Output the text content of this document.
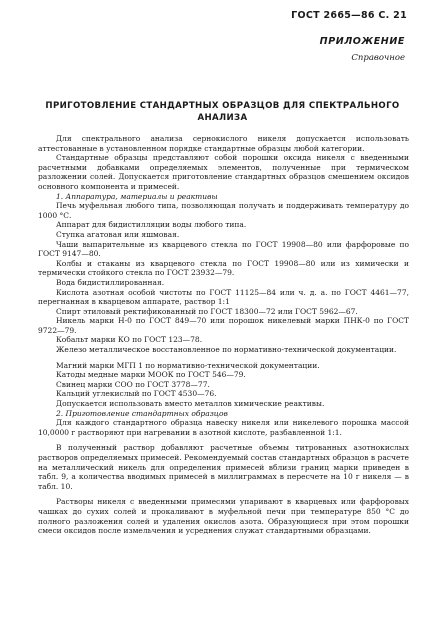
ГОСТ 2665—86 С. 21
ПРИЛОЖЕНИЕ
Справочное
ПРИГОТОВЛЕНИЕ СТАНДАРТНЫХ ОБРАЗЦОВ ДЛЯ СПЕКТРАЛЬНОГО
АНАЛИЗА

Для спектрального анализа сернокислого никеля допускается использовать аттестованные в установленном порядке стандартные образцы любой категории.

Стандартные образцы представляют собой порошки оксида никеля с введенными расчетными добавками определяемых элементов, полученные при термическом разложении солей. Допускается приготовление стандартных образцов смешением оксидов основного компонента и примесей.

1. Аппаратура, материалы и реактивы

Печь муфельная любого типа, позволяющая получать и поддерживать температуру до 1000 °С.

Аппарат для бидистилляции воды любого типа.

Ступка агатовая или яшмовая.

Чаши выпарительные из кварцевого стекла по ГОСТ 19908—80 или фарфоровые по ГОСТ 9147—80.

Колбы и стаканы из кварцевого стекла по ГОСТ 19908—80 или из химически и термически стойкого стекла по ГОСТ 23932—79.

Вода бидистиллированная.

Кислота азотная особой чистоты по ГОСТ 11125—84 или ч. д. а. по ГОСТ 4461—77, перегнанная в кварцевом аппарате, раствор 1:1

Спирт этиловый ректификованный по ГОСТ 18300—72 или ГОСТ 5962—67.

Никель марки Н-0 по ГОСТ 849—70 или порошок никелевый марки ПНК-0 по ГОСТ 9722—79.

Кобальт марки КО по ГОСТ 123—78.

Железо металлическое восстановленное по нормативно-технической документации.

Магний марки МГП 1 по нормативно-технической документации.

Катоды медные марки МООК по ГОСТ 546—79.

Свинец марки СОО по ГОСТ 3778—77.

Кальций углекислый по ГОСТ 4530—76.

Допускается использовать вместо металлов химические реактивы.

2. Приготовление стандартных образцов

Для каждого стандартного образца навеску никеля или никелевого порошка массой 10,0000 г растворяют при нагревании в азотной кислоте, разбавленной 1:1.

В полученный раствор добавляют расчетные объемы титрованных азотнокислых растворов определяемых примесей. Рекомендуемый состав стандартных образцов в расчете на металлический никель для определения примесей вблизи границ марки приведен в табл. 9, а количества вводимых примесей в миллиграммах в пересчете на 10 г никеля — в табл. 10.

Растворы никеля с введенными примесями упаривают в кварцевых или фарфоровых чашках до сухих солей и прокаливают в муфельной печи при температуре 850 °С до полного разложения солей и удаления окислов азота. Образующиеся при этом порошки смеси оксидов после измельчения и усреднения служат стандартными образцами.
